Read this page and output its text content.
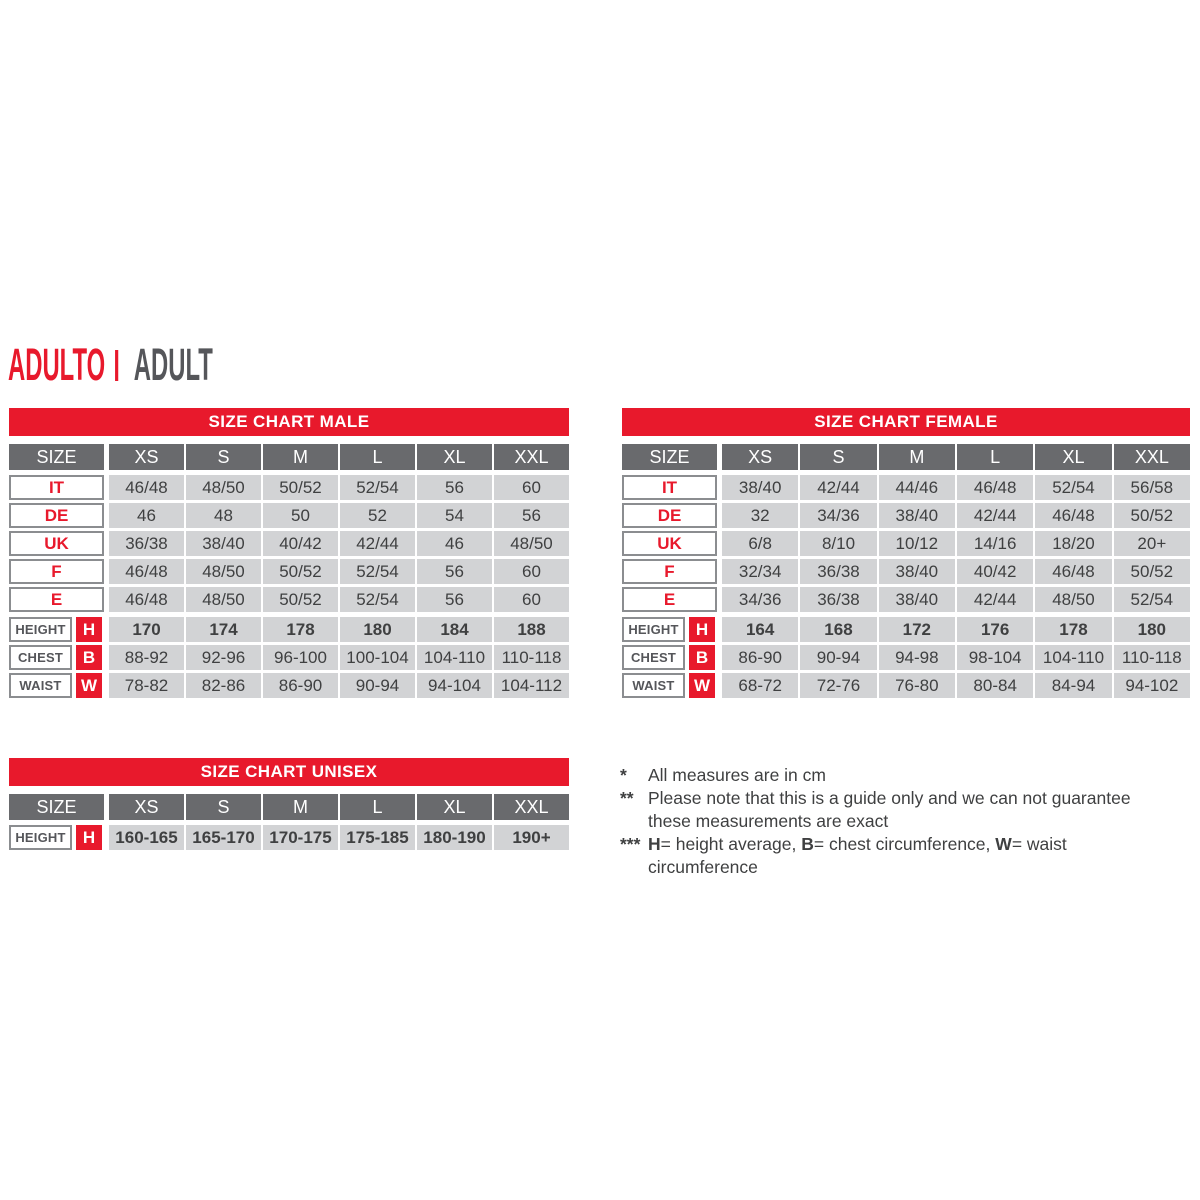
ADULTO ADULT
SIZE CHART MALE
SIZE	XS	S	M	L	XL	XXL
IT	46/48	48/50	50/52	52/54	56	60
DE	46	48	50	52	54	56
UK	36/38	38/40	40/42	42/44	46	48/50
F	46/48	48/50	50/52	52/54	56	60
E	46/48	48/50	50/52	52/54	56	60
HEIGHT	H	170	174	178	180	184	188
CHEST	B	88-92	92-96	96-100	100-104 104-110 110-118
WAIST	W	78-82	82-86	86-90	90-94	94-104	104-112
SIZE CHART FEMALE
SIZE	XS	S	M	L	XL	XXL
IT	38/40	42/44	44/46	46/48	52/54	56/58
DE	32	34/36	38/40	42/44	46/48	50/52
UK	6/8	8/10	10/12	14/16	18/20	20+
F	32/34	36/38	38/40	40/42	46/48	50/52
E	34/36	36/38	38/40	42/44	48/50	52/54
HEIGHT	H	164	168	172	176	178	180
CHEST	B	86-90	90-94	94-98	98-104	104-110	110-118
WAIST	W	68-72	72-76	76-80	80-84	84-94	94-102
SIZE CHART UNISEX
SIZE	XS	S	M	L	XL	XXL
HEIGHT	H	160-165 165-170 170-175 175-185 180-190	190+
*	All measures are in cm
** Please note that this is a guide only and we can not guarantee these measurements are exact
*** H= height average, B= chest circumference, W= waist circumference
